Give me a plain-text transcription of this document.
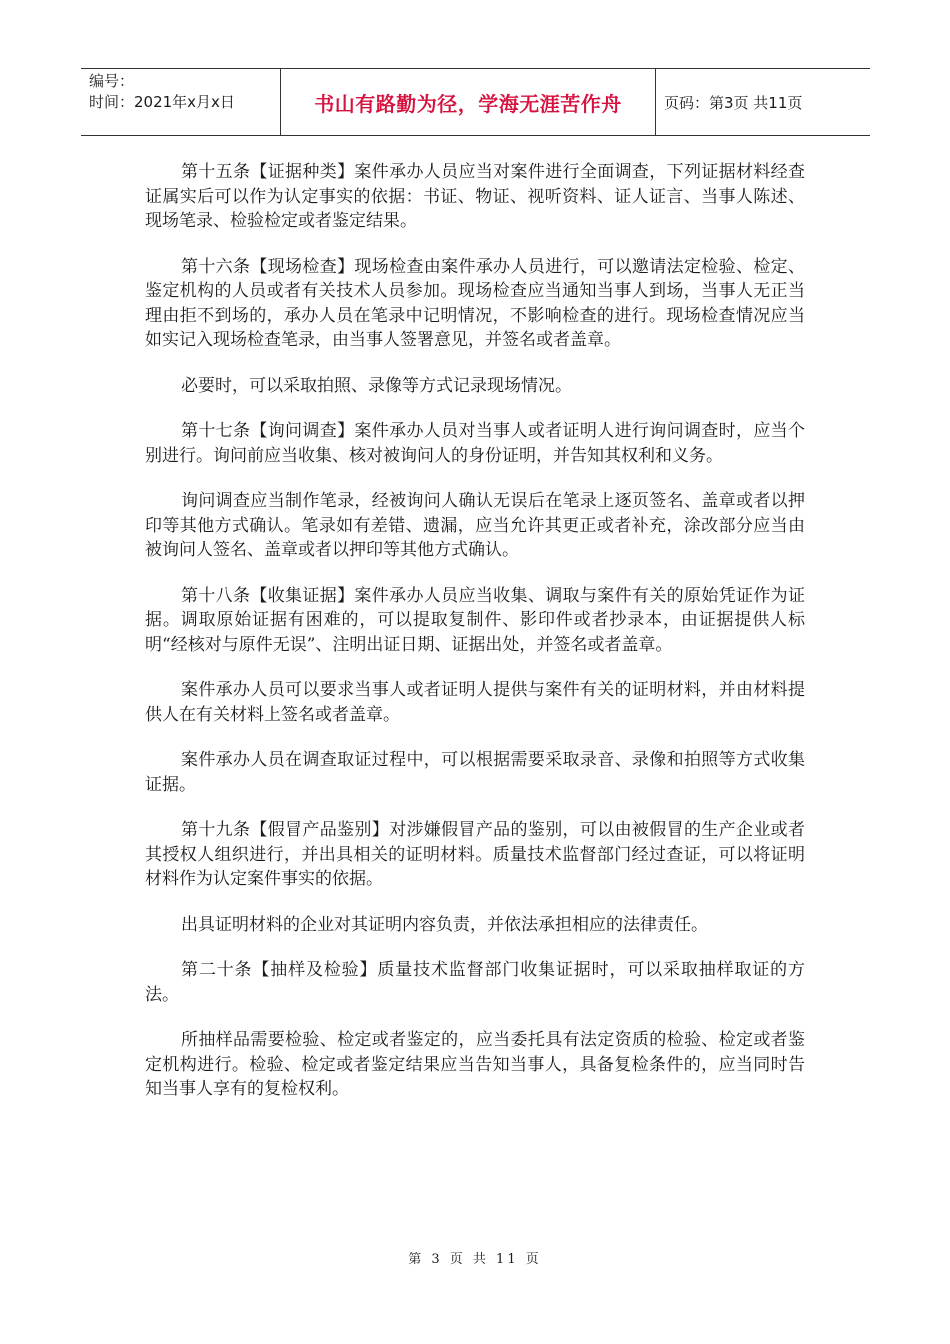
编号：
时间：2021年x月x日	书山有路勤为径，学海无涯苦作舟	页码：第3页 共11页

第十五条【证据种类】案件承办人员应当对案件进行全面调查，下列证据材料经查证属实后可以作为认定事实的依据：书证、物证、视听资料、证人证言、当事人陈述、现场笔录、检验检定或者鉴定结果。

第十六条【现场检查】现场检查由案件承办人员进行，可以邀请法定检验、检定、鉴定机构的人员或者有关技术人员参加。现场检查应当通知当事人到场，当事人无正当理由拒不到场的，承办人员在笔录中记明情况，不影响检查的进行。现场检查情况应当如实记入现场检查笔录，由当事人签署意见，并签名或者盖章。

必要时，可以采取拍照、录像等方式记录现场情况。

第十七条【询问调查】案件承办人员对当事人或者证明人进行询问调查时，应当个别进行。询问前应当收集、核对被询问人的身份证明，并告知其权利和义务。

询问调查应当制作笔录，经被询问人确认无误后在笔录上逐页签名、盖章或者以押印等其他方式确认。笔录如有差错、遗漏，应当允许其更正或者补充，涂改部分应当由被询问人签名、盖章或者以押印等其他方式确认。

第十八条【收集证据】案件承办人员应当收集、调取与案件有关的原始凭证作为证据。调取原始证据有困难的，可以提取复制件、影印件或者抄录本，由证据提供人标明“经核对与原件无误”、注明出证日期、证据出处，并签名或者盖章。

案件承办人员可以要求当事人或者证明人提供与案件有关的证明材料，并由材料提供人在有关材料上签名或者盖章。

案件承办人员在调查取证过程中，可以根据需要采取录音、录像和拍照等方式收集证据。

第十九条【假冒产品鉴别】对涉嫌假冒产品的鉴别，可以由被假冒的生产企业或者其授权人组织进行，并出具相关的证明材料。质量技术监督部门经过查证，可以将证明材料作为认定案件事实的依据。

出具证明材料的企业对其证明内容负责，并依法承担相应的法律责任。

第二十条【抽样及检验】质量技术监督部门收集证据时，可以采取抽样取证的方法。

所抽样品需要检验、检定或者鉴定的，应当委托具有法定资质的检验、检定或者鉴定机构进行。检验、检定或者鉴定结果应当告知当事人，具备复检条件的，应当同时告知当事人享有的复检权利。

第 3 页 共 11 页
